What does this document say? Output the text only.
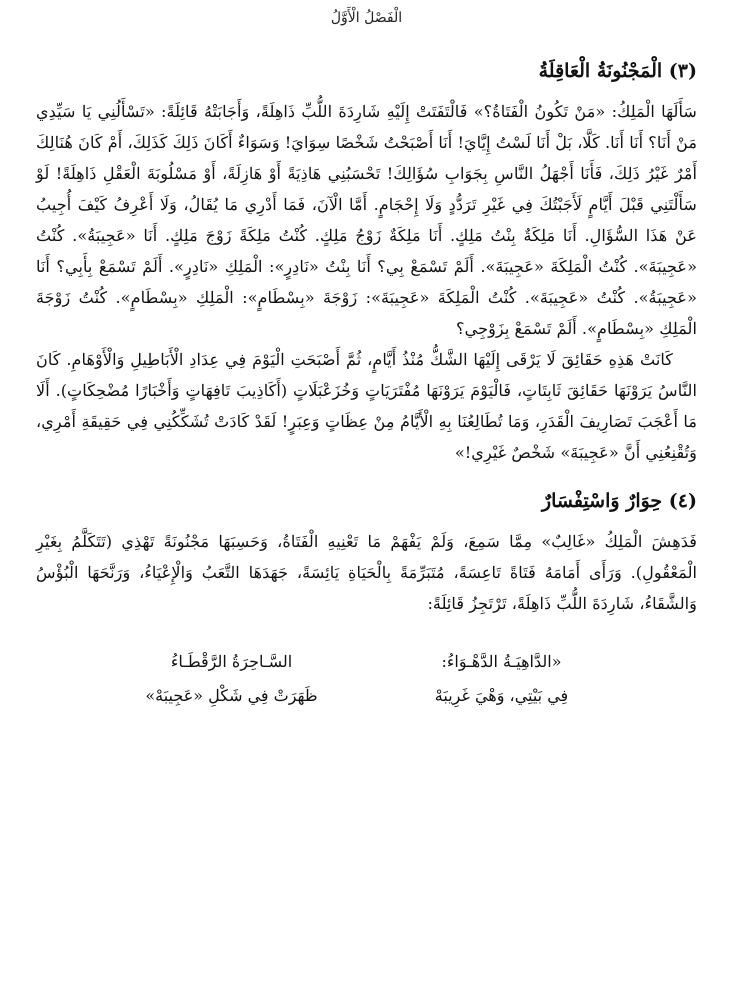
الْفَصْلُ الْأَوَّلُ
(٣) الْمَجْنُونَةُ الْعَاقِلَةُ

سَأَلَهَا الْمَلِكُ: «مَنْ تَكُونُ الْفَتَاةُ؟» فَالْتَفَتَتْ إِلَيْهِ شَارِدَةَ اللُّبِّ ذَاهِلَةً، وَأَجَابَتْهُ قَائِلَةً: «تَسْأَلُنِي يَا سَيِّدِي مَنْ أَنَا؟ أَنَا أَنَا. كَلَّا، بَلْ أَنَا لَسْتُ إِيَّايَ! أَنَا أَصْبَحْتُ شَخْصًا سِوَايَ! وَسَوَاءٌ أَكَانَ ذَلِكَ كَذَلِكَ، أَمْ كَانَ هُنَالِكَ أَمْرٌ غَيْرُ ذَلِكَ، فَأَنَا أَجْهَلُ النَّاسِ بِجَوَابِ سُؤَالِكَ! تَحْسَبُنِي هَاذِيَةً أَوْ هَازِلَةً، أَوْ مَسْلُوبَةَ الْعَقْلِ ذَاهِلَةً! لَوْ سَأَلْتَنِي قَبْلَ أَيَّامٍ لَأَجَبْتُكَ فِي غَيْرِ تَرَدُّدٍ وَلَا إِحْجَامٍ. أَمَّا الْآنَ، فَمَا أَدْرِي مَا يُقَالُ، وَلَا أَعْرِفُ كَيْفَ أُجِيبُ عَنْ هَذَا السُّؤَالِ. أَنَا مَلِكَةٌ بِنْتُ مَلِكٍ. أَنَا مَلِكَةٌ زَوْجُ مَلِكٍ. كُنْتُ مَلِكَةً زَوْجَ مَلِكٍ. أَنَا «عَجِيبَةُ». كُنْتُ «عَجِيبَةَ». كُنْتُ الْمَلِكَةَ «عَجِيبَةَ». أَلَمْ تَسْمَعْ بِي؟ أَنَا بِنْتُ «نَادِرٍ»: الْمَلِكِ «نَادِرٍ». أَلَمْ تَسْمَعْ بِأَبِي؟ أَنَا «عَجِيبَةُ». كُنْتُ «عَجِيبَةَ». كُنْتُ الْمَلِكَةَ «عَجِيبَةَ»: زَوْجَةَ «بِسْطَامٍ»: الْمَلِكِ «بِسْطَامٍ». كُنْتُ زَوْجَةَ الْمَلِكِ «بِسْطَامٍ». أَلَمْ تَسْمَعْ بِزَوْجِي؟

كَانَتْ هَذِهِ حَقَائِقَ لَا يَرْقَى إِلَيْهَا الشَّكُّ مُنْذُ أَيَّامٍ، ثُمَّ أَصْبَحَتِ الْيَوْمَ فِي عِدَادِ الْأَبَاطِيلِ وَالْأَوْهَامِ. كَانَ النَّاسُ يَرَوْنَهَا حَقَائِقَ ثَابِتَاتٍ، فَالْيَوْمَ يَرَوْنَهَا مُفْتَرَيَاتٍ وَخُزَعْبَلَاتٍ (أَكَاذِيبَ تَافِهَاتٍ وَأَخْبَارًا مُضْحِكَاتٍ). أَلَا مَا أَعْجَبَ تَصَارِيفَ الْقَدَرِ، وَمَا تُطَالِعُنَا بِهِ الْأَيَّامُ مِنْ عِظَاتٍ وَعِبَرٍ! لَقَدْ كَادَتْ تُشَكِّكُنِي فِي حَقِيقَةِ أَمْرِي، وَتُقْنِعُنِي أَنَّ «عَجِيبَةَ» شَخْصٌ غَيْرِي!»

(٤) حِوَارٌ وَاسْتِفْسَارٌ

فَدَهِشَ الْمَلِكُ «غَالِبٌ» مِمَّا سَمِعَ، وَلَمْ يَفْهَمْ مَا تَعْنِيهِ الْفَتَاةُ، وَحَسِبَهَا مَجْنُونَةً تَهْذِي (تَتَكَلَّمُ بِغَيْرِ الْمَعْقُولِ). وَرَأَى أَمَامَهُ فَتَاةً تَاعِسَةً، مُتَبَرِّمَةً بِالْحَيَاةِ يَائِسَةً، جَهَدَهَا التَّعَبُ وَالْإِعْيَاءُ، وَرَنَّحَهَا الْبُؤْسُ وَالشَّقَاءُ، شَارِدَةَ اللُّبِّ ذَاهِلَةً، تَرْتَجِزُ قَائِلَةً:

«الدَّاهِيَـةُ الدَّهْـوَاءُ:
السَّـاحِرَةُ الرَّقْطَـاءُ
فِي بَيْتِي، وَهْيَ غَرِيبَهْ
ظَهَرَتْ فِي شَكْلِ «عَجِيبَهْ»
